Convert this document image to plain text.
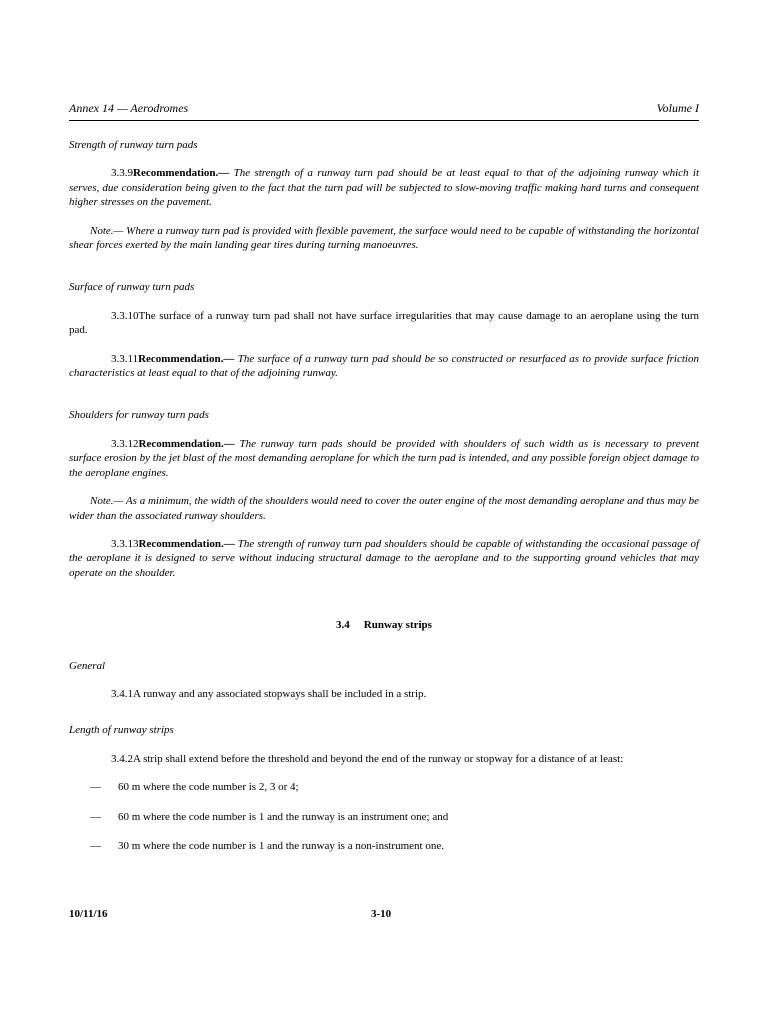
Annex 14 — Aerodromes	Volume I
Strength of runway turn pads
3.3.9Recommendation.— The strength of a runway turn pad should be at least equal to that of the adjoining runway which it serves, due consideration being given to the fact that the turn pad will be subjected to slow-moving traffic making hard turns and consequent higher stresses on the pavement.
Note.— Where a runway turn pad is provided with flexible pavement, the surface would need to be capable of withstanding the horizontal shear forces exerted by the main landing gear tires during turning manoeuvres.
Surface of runway turn pads
3.3.10The surface of a runway turn pad shall not have surface irregularities that may cause damage to an aeroplane using the turn pad.
3.3.11Recommendation.— The surface of a runway turn pad should be so constructed or resurfaced as to provide surface friction characteristics at least equal to that of the adjoining runway.
Shoulders for runway turn pads
3.3.12Recommendation.— The runway turn pads should be provided with shoulders of such width as is necessary to prevent surface erosion by the jet blast of the most demanding aeroplane for which the turn pad is intended, and any possible foreign object damage to the aeroplane engines.
Note.— As a minimum, the width of the shoulders would need to cover the outer engine of the most demanding aeroplane and thus may be wider than the associated runway shoulders.
3.3.13Recommendation.— The strength of runway turn pad shoulders should be capable of withstanding the occasional passage of the aeroplane it is designed to serve without inducing structural damage to the aeroplane and to the supporting ground vehicles that may operate on the shoulder.
3.4 Runway strips
General
3.4.1A runway and any associated stopways shall be included in a strip.
Length of runway strips
3.4.2A strip shall extend before the threshold and beyond the end of the runway or stopway for a distance of at least:
— 60 m where the code number is 2, 3 or 4;
— 60 m where the code number is 1 and the runway is an instrument one; and
— 30 m where the code number is 1 and the runway is a non-instrument one.
10/11/16	3-10
